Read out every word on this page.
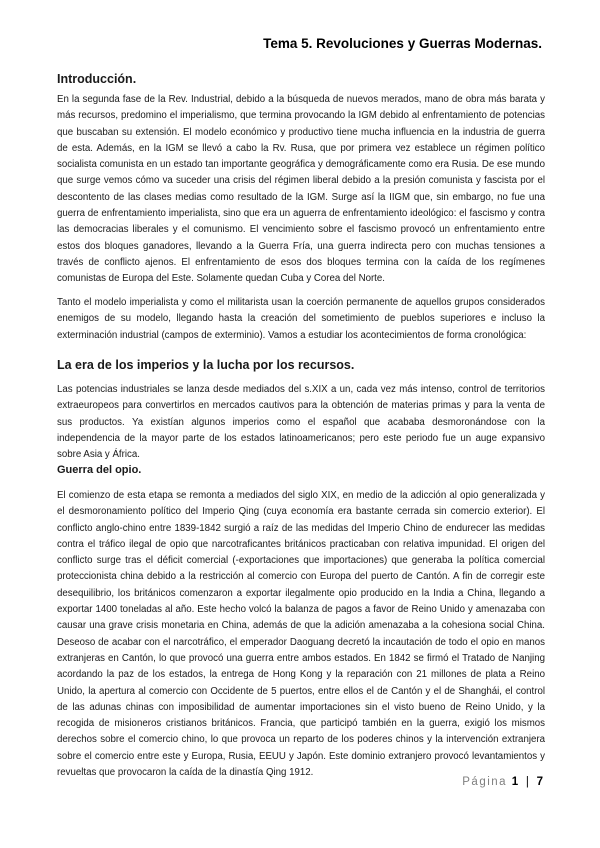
Tema 5. Revoluciones y Guerras Modernas.
Introducción.

En la segunda fase de la Rev. Industrial, debido a la búsqueda de nuevos merados, mano de obra más barata y más recursos, predomino el imperialismo, que termina provocando la IGM debido al enfrentamiento de potencias que buscaban su extensión. El modelo económico y productivo tiene mucha influencia en la industria de guerra de esta. Además, en la IGM se llevó a cabo la Rv. Rusa, que por primera vez establece un régimen político socialista comunista en un estado tan importante geográfica y demográficamente como era Rusia. De ese mundo que surge vemos cómo va suceder una crisis del régimen liberal debido a la presión comunista y fascista por el descontento de las clases medias como resultado de la IGM. Surge así la IIGM que, sin embargo, no fue una guerra de enfrentamiento imperialista, sino que era un aguerra de enfrentamiento ideológico: el fascismo y contra las democracias liberales y el comunismo. El vencimiento sobre el fascismo provocó un enfrentamiento entre estos dos bloques ganadores, llevando a la Guerra Fría, una guerra indirecta pero con muchas tensiones a través de conflicto ajenos. El enfrentamiento de esos dos bloques termina con la caída de los regímenes comunistas de Europa del Este. Solamente quedan Cuba y Corea del Norte.

Tanto el modelo imperialista y como el militarista usan la coerción permanente de aquellos grupos considerados enemigos de su modelo, llegando hasta la creación del sometimiento de pueblos superiores e incluso la exterminación industrial (campos de exterminio). Vamos a estudiar los acontecimientos de forma cronológica:

La era de los imperios y la lucha por los recursos.

Las potencias industriales se lanza desde mediados del s.XIX a un, cada vez más intenso, control de territorios extraeuropeos para convertirlos en mercados cautivos para la obtención de materias primas y para la venta de sus productos. Ya existían algunos imperios como el español que acababa desmoronándose con la independencia de la mayor parte de los estados latinoamericanos; pero este periodo fue un auge expansivo sobre Asia y África.

Guerra del opio.

El comienzo de esta etapa se remonta a mediados del siglo XIX, en medio de la adicción al opio generalizada y el desmoronamiento político del Imperio Qing (cuya economía era bastante cerrada sin comercio exterior). El conflicto anglo-chino entre 1839-1842 surgió a raíz de las medidas del Imperio Chino de endurecer las medidas contra el tráfico ilegal de opio que narcotraficantes británicos practicaban con relativa impunidad. El origen del conflicto surge tras el déficit comercial (-exportaciones que importaciones) que generaba la política comercial proteccionista china debido a la restricción al comercio con Europa del puerto de Cantón. A fin de corregir este desequilibrio, los británicos comenzaron a exportar ilegalmente opio producido en la India a China, llegando a exportar 1400 toneladas al año. Este hecho volcó la balanza de pagos a favor de Reino Unido y amenazaba con causar una grave crisis monetaria en China, además de que la adición amenazaba a la cohesiona social China. Deseoso de acabar con el narcotráfico, el emperador Daoguang decretó la incautación de todo el opio en manos extranjeras en Cantón, lo que provocó una guerra entre ambos estados. En 1842 se firmó el Tratado de Nanjing acordando la paz de los estados, la entrega de Hong Kong y la reparación con 21 millones de plata a Reino Unido, la apertura al comercio con Occidente de 5 puertos, entre ellos el de Cantón y el de Shanghái, el control de las adunas chinas con imposibilidad de aumentar importaciones sin el visto bueno de Reino Unido, y la recogida de misioneros cristianos británicos. Francia, que participó también en la guerra, exigió los mismos derechos sobre el comercio chino, lo que provoca un reparto de los poderes chinos y la intervención extranjera sobre el comercio entre este y Europa, Rusia, EEUU y Japón. Este dominio extranjero provocó levantamientos y revueltas que provocaron la caída de la dinastía Qing 1912.

Página 1 | 7
